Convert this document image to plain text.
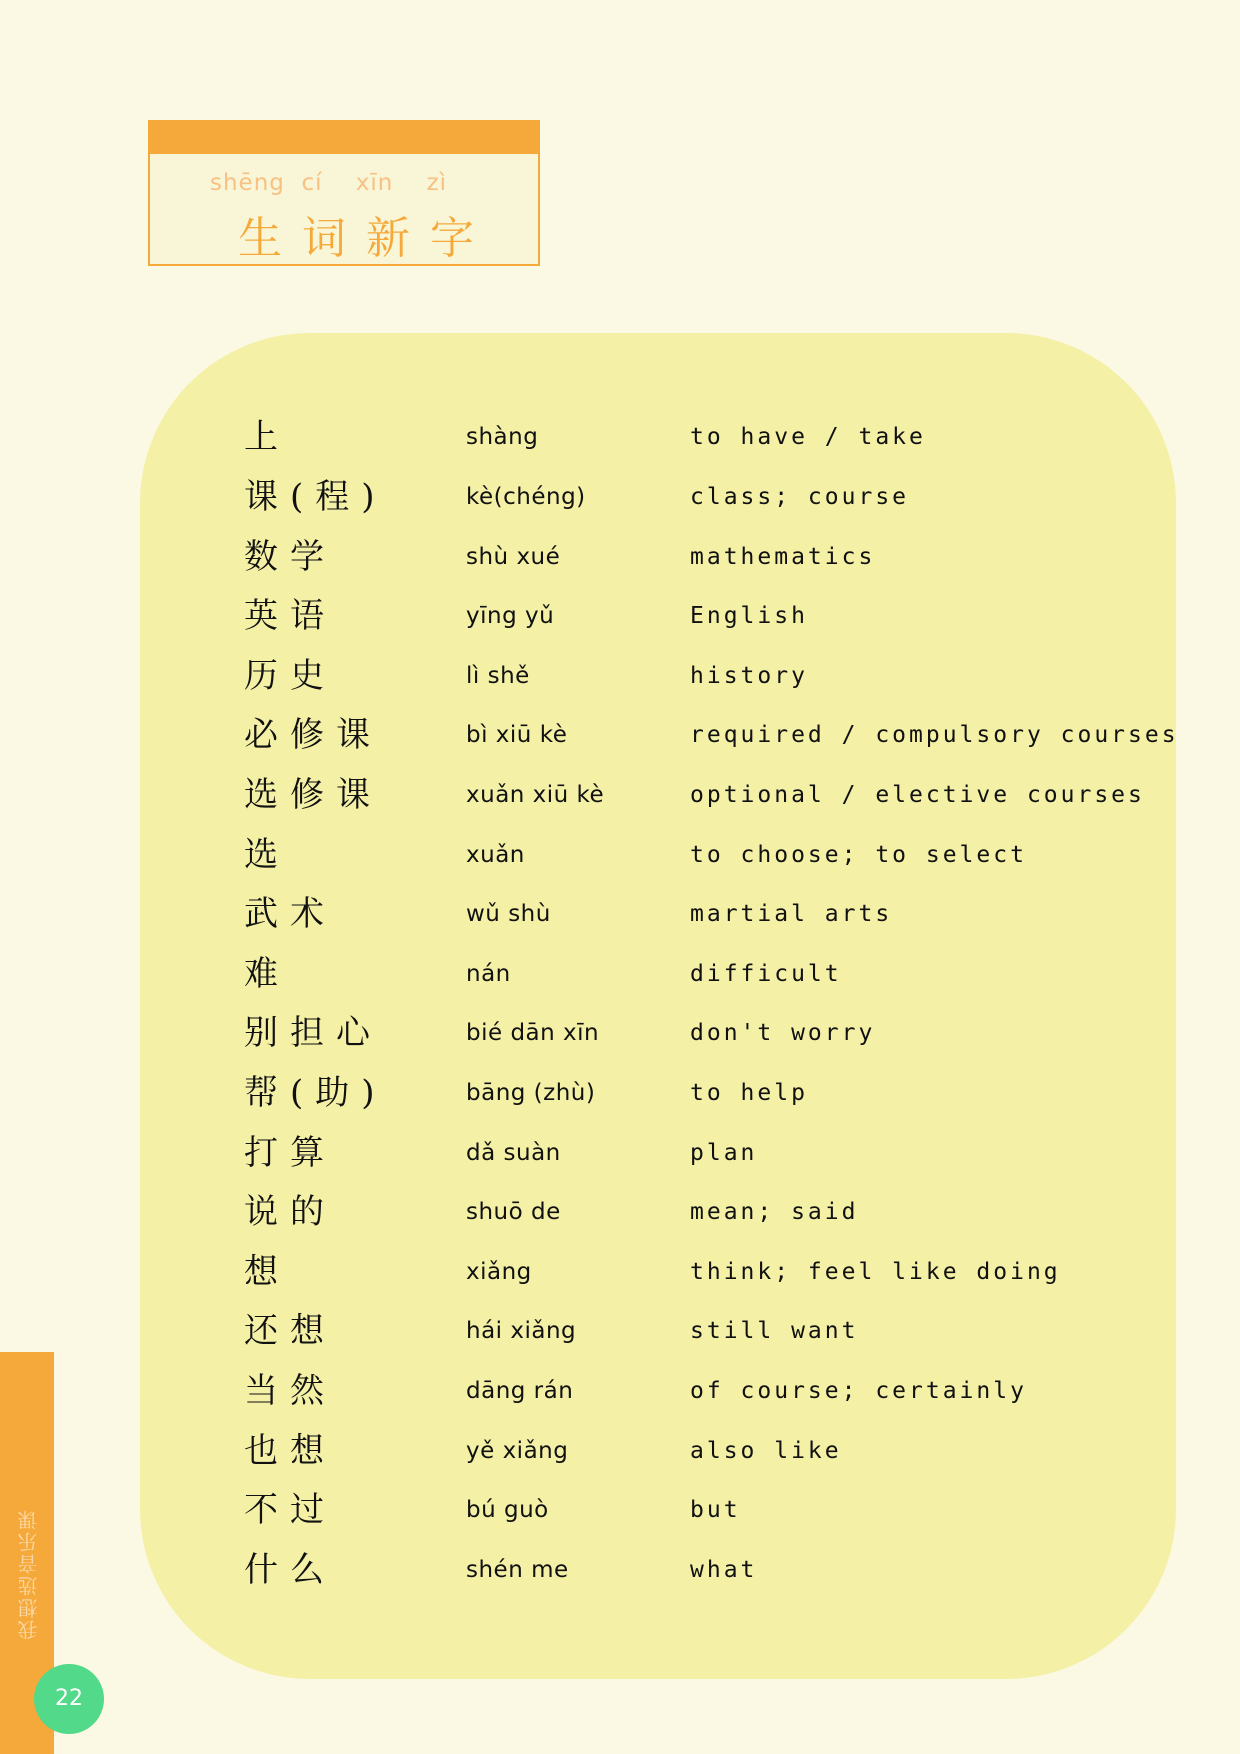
shēng  cí    xīn    zì
生词新字
上	shàng	to have / take
课(程)	kè(chéng)	class; course
数学	shù xué	mathematics
英语	yīng yǔ	English
历史	lì shě	history
必修课	bì xiū kè	required / compulsory courses
选修课	xuǎn xiū kè	optional / elective courses
选	xuǎn	to choose; to select
武术	wǔ shù	martial arts
难	nán	difficult
别担心	bié dān xīn	don't worry
帮(助)	bāng (zhù)	to help
打算	dǎ suàn	plan
说的	shuō de	mean; said
想	xiǎng	think; feel like doing
还想	hái xiǎng	still want
当然	dāng rán	of course; certainly
也想	yě xiǎng	also like
不过	bú guò	but
什么	shén me	what
我想选音乐课
22
